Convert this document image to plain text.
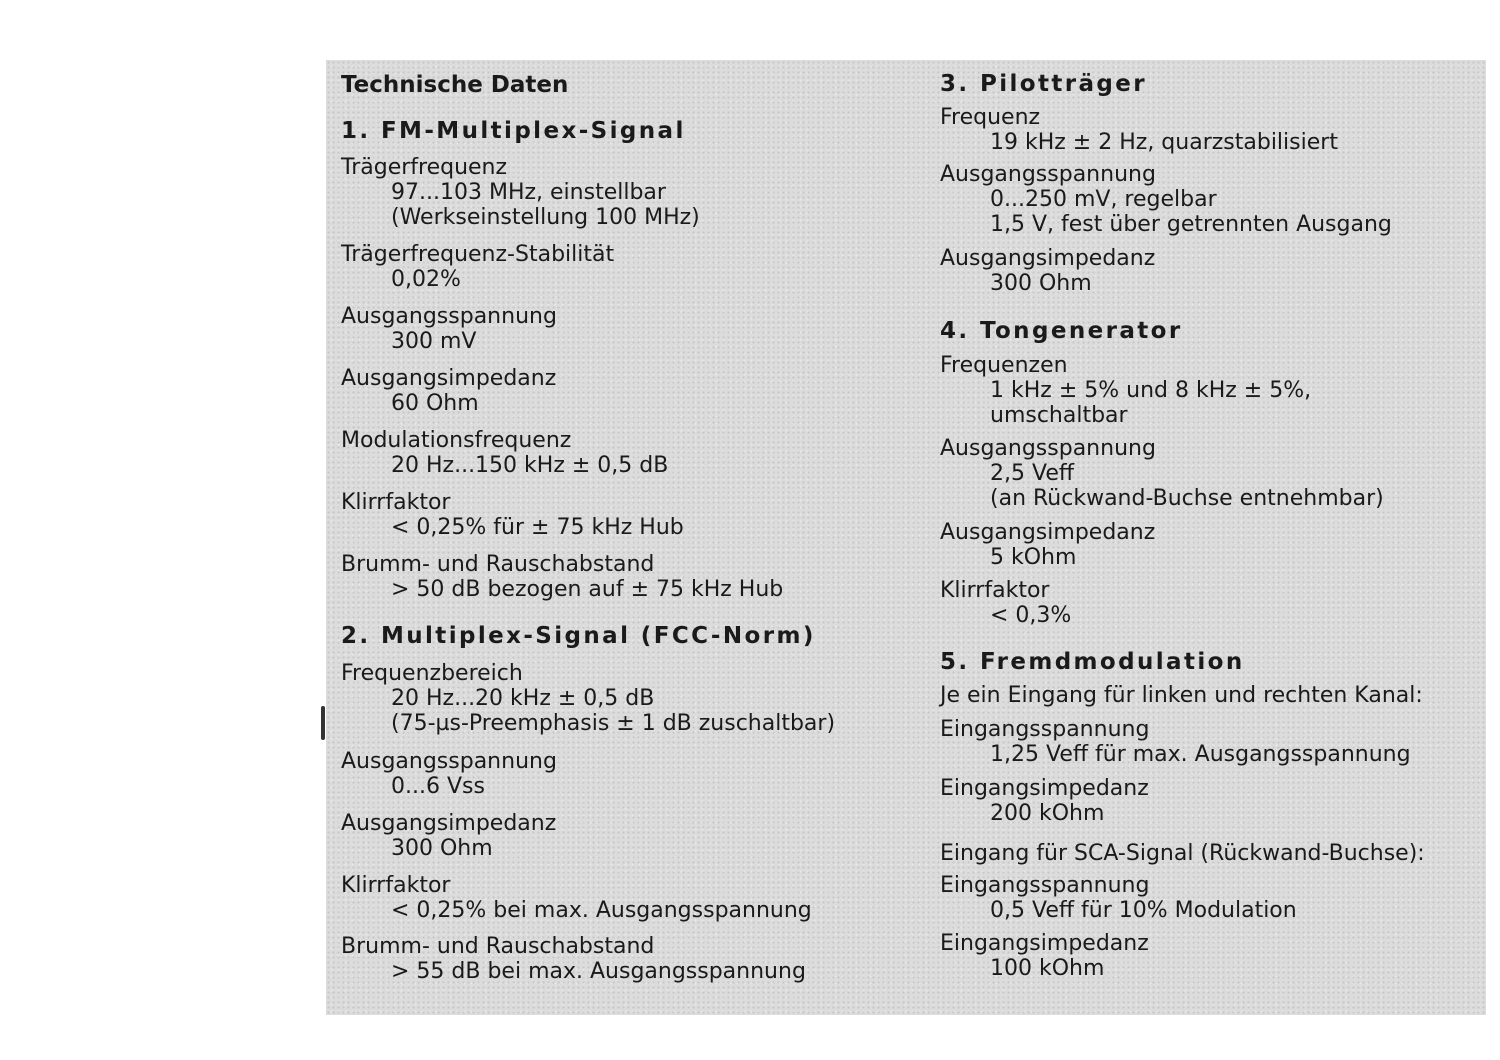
Technische Daten
1. FM-Multiplex-Signal
Trägerfrequenz
97...103 MHz, einstellbar
(Werkseinstellung 100 MHz)
Trägerfrequenz-Stabilität
0,02%
Ausgangsspannung
300 mV
Ausgangsimpedanz
60 Ohm
Modulationsfrequenz
20 Hz...150 kHz ± 0,5 dB
Klirrfaktor
< 0,25% für ± 75 kHz Hub
Brumm- und Rauschabstand
> 50 dB bezogen auf ± 75 kHz Hub
2. Multiplex-Signal (FCC-Norm)
Frequenzbereich
20 Hz...20 kHz ± 0,5 dB
(75-µs-Preemphasis ± 1 dB zuschaltbar)
Ausgangsspannung
0...6 Vss
Ausgangsimpedanz
300 Ohm
Klirrfaktor
< 0,25% bei max. Ausgangsspannung
Brumm- und Rauschabstand
> 55 dB bei max. Ausgangsspannung
3. Pilotträger
Frequenz
19 kHz ± 2 Hz, quarzstabilisiert
Ausgangsspannung
0...250 mV, regelbar
1,5 V, fest über getrennten Ausgang
Ausgangsimpedanz
300 Ohm
4. Tongenerator
Frequenzen
1 kHz ± 5% und 8 kHz ± 5%,
umschaltbar
Ausgangsspannung
2,5 Veff
(an Rückwand-Buchse entnehmbar)
Ausgangsimpedanz
5 kOhm
Klirrfaktor
< 0,3%
5. Fremdmodulation
Je ein Eingang für linken und rechten Kanal:
Eingangsspannung
1,25 Veff für max. Ausgangsspannung
Eingangsimpedanz
200 kOhm
Eingang für SCA-Signal (Rückwand-Buchse):
Eingangsspannung
0,5 Veff für 10% Modulation
Eingangsimpedanz
100 kOhm
